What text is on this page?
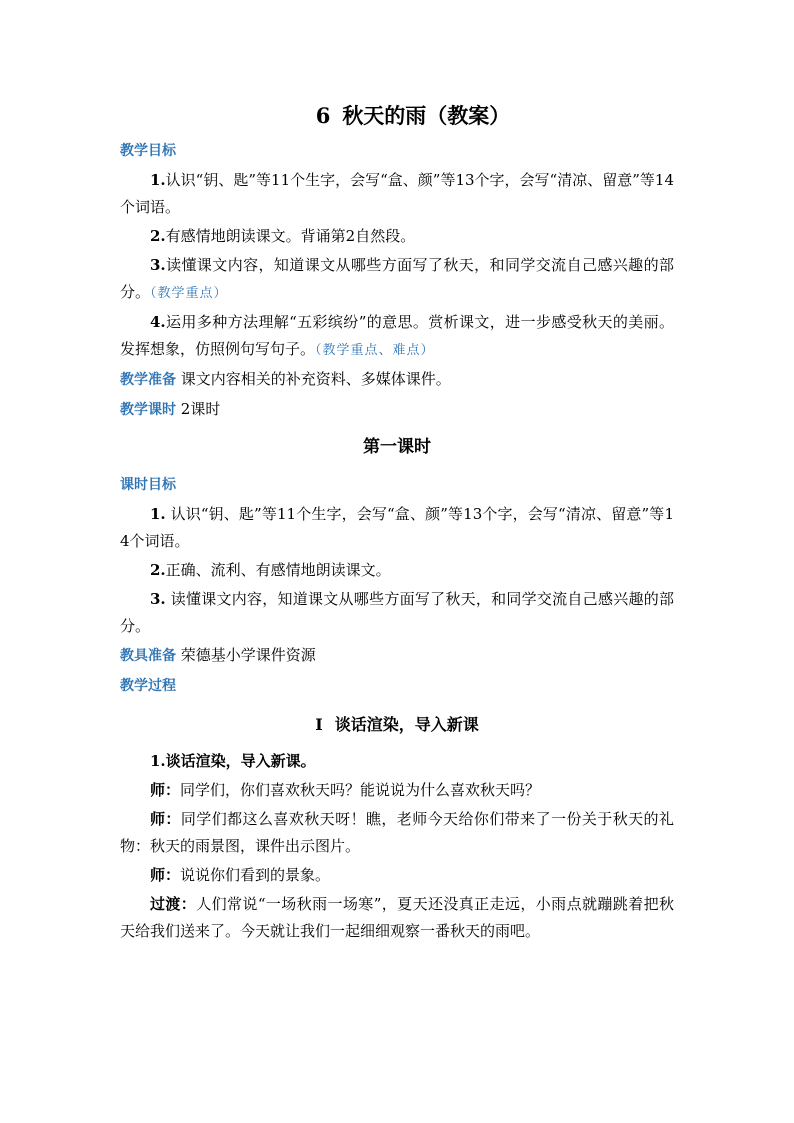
6 秋天的雨（教案）
教学目标

1.认识“钥、匙”等11个生字，会写“盒、颜”等13个字，会写“清凉、留意”等14个词语。

2.有感情地朗读课文。背诵第2自然段。

3.读懂课文内容，知道课文从哪些方面写了秋天，和同学交流自己感兴趣的部分。（教学重点）

4.运用多种方法理解“五彩缤纷”的意思。赏析课文，进一步感受秋天的美丽。发挥想象，仿照例句写句子。（教学重点、难点）

教学准备 课文内容相关的补充资料、多媒体课件。
教学课时 2课时
第一课时
课时目标

1. 认识“钥、匙”等11个生字，会写“盒、颜”等13个字，会写“清凉、留意”等14个词语。

2.正确、流利、有感情地朗读课文。

3. 读懂课文内容，知道课文从哪些方面写了秋天，和同学交流自己感兴趣的部分。

教具准备 荣德基小学课件资源
教学过程
Ⅰ 谈话渲染，导入新课

1.谈话渲染，导入新课。

师：同学们，你们喜欢秋天吗？能说说为什么喜欢秋天吗？

师：同学们都这么喜欢秋天呀！瞧，老师今天给你们带来了一份关于秋天的礼物：秋天的雨景图，课件出示图片。

师：说说你们看到的景象。

过渡：人们常说“一场秋雨一场寒”，夏天还没真正走远，小雨点就蹦跳着把秋天给我们送来了。今天就让我们一起细细观察一番秋天的雨吧。
